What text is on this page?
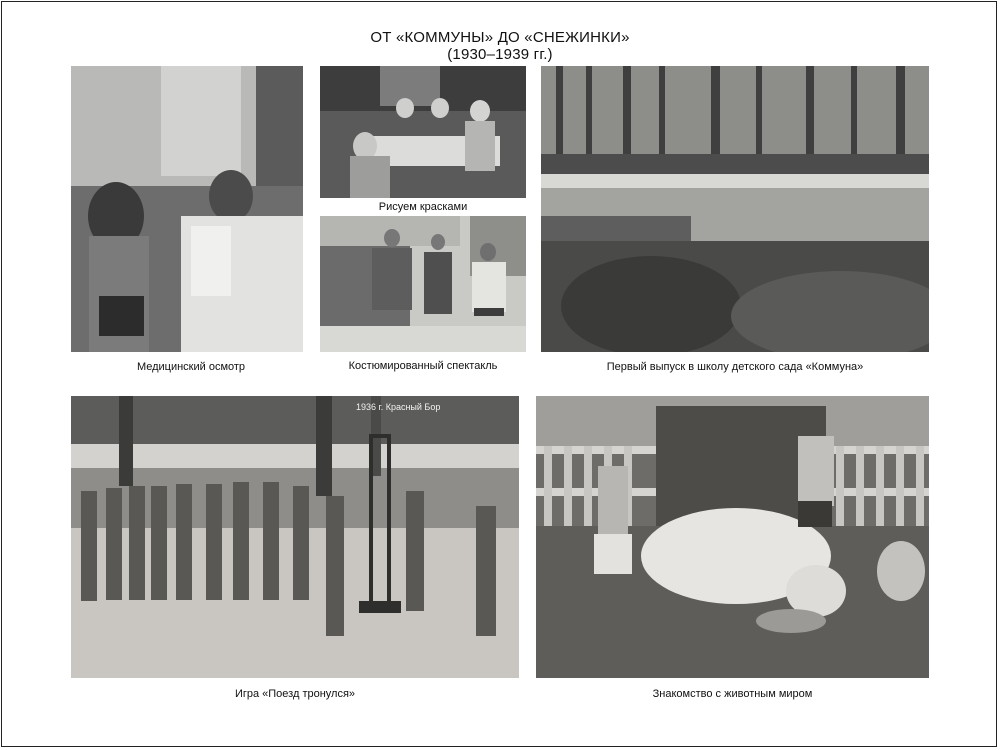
ОТ «КОММУНЫ» ДО «СНЕЖИНКИ»
(1930–1939 гг.)
Медицинский осмотр
Рисуем красками
Костюмированный спектакль	Первый выпуск в школу детского сада «Коммуна»
1936 г. Красный Бор
Игра «Поезд тронулся»	Знакомство с животным миром
